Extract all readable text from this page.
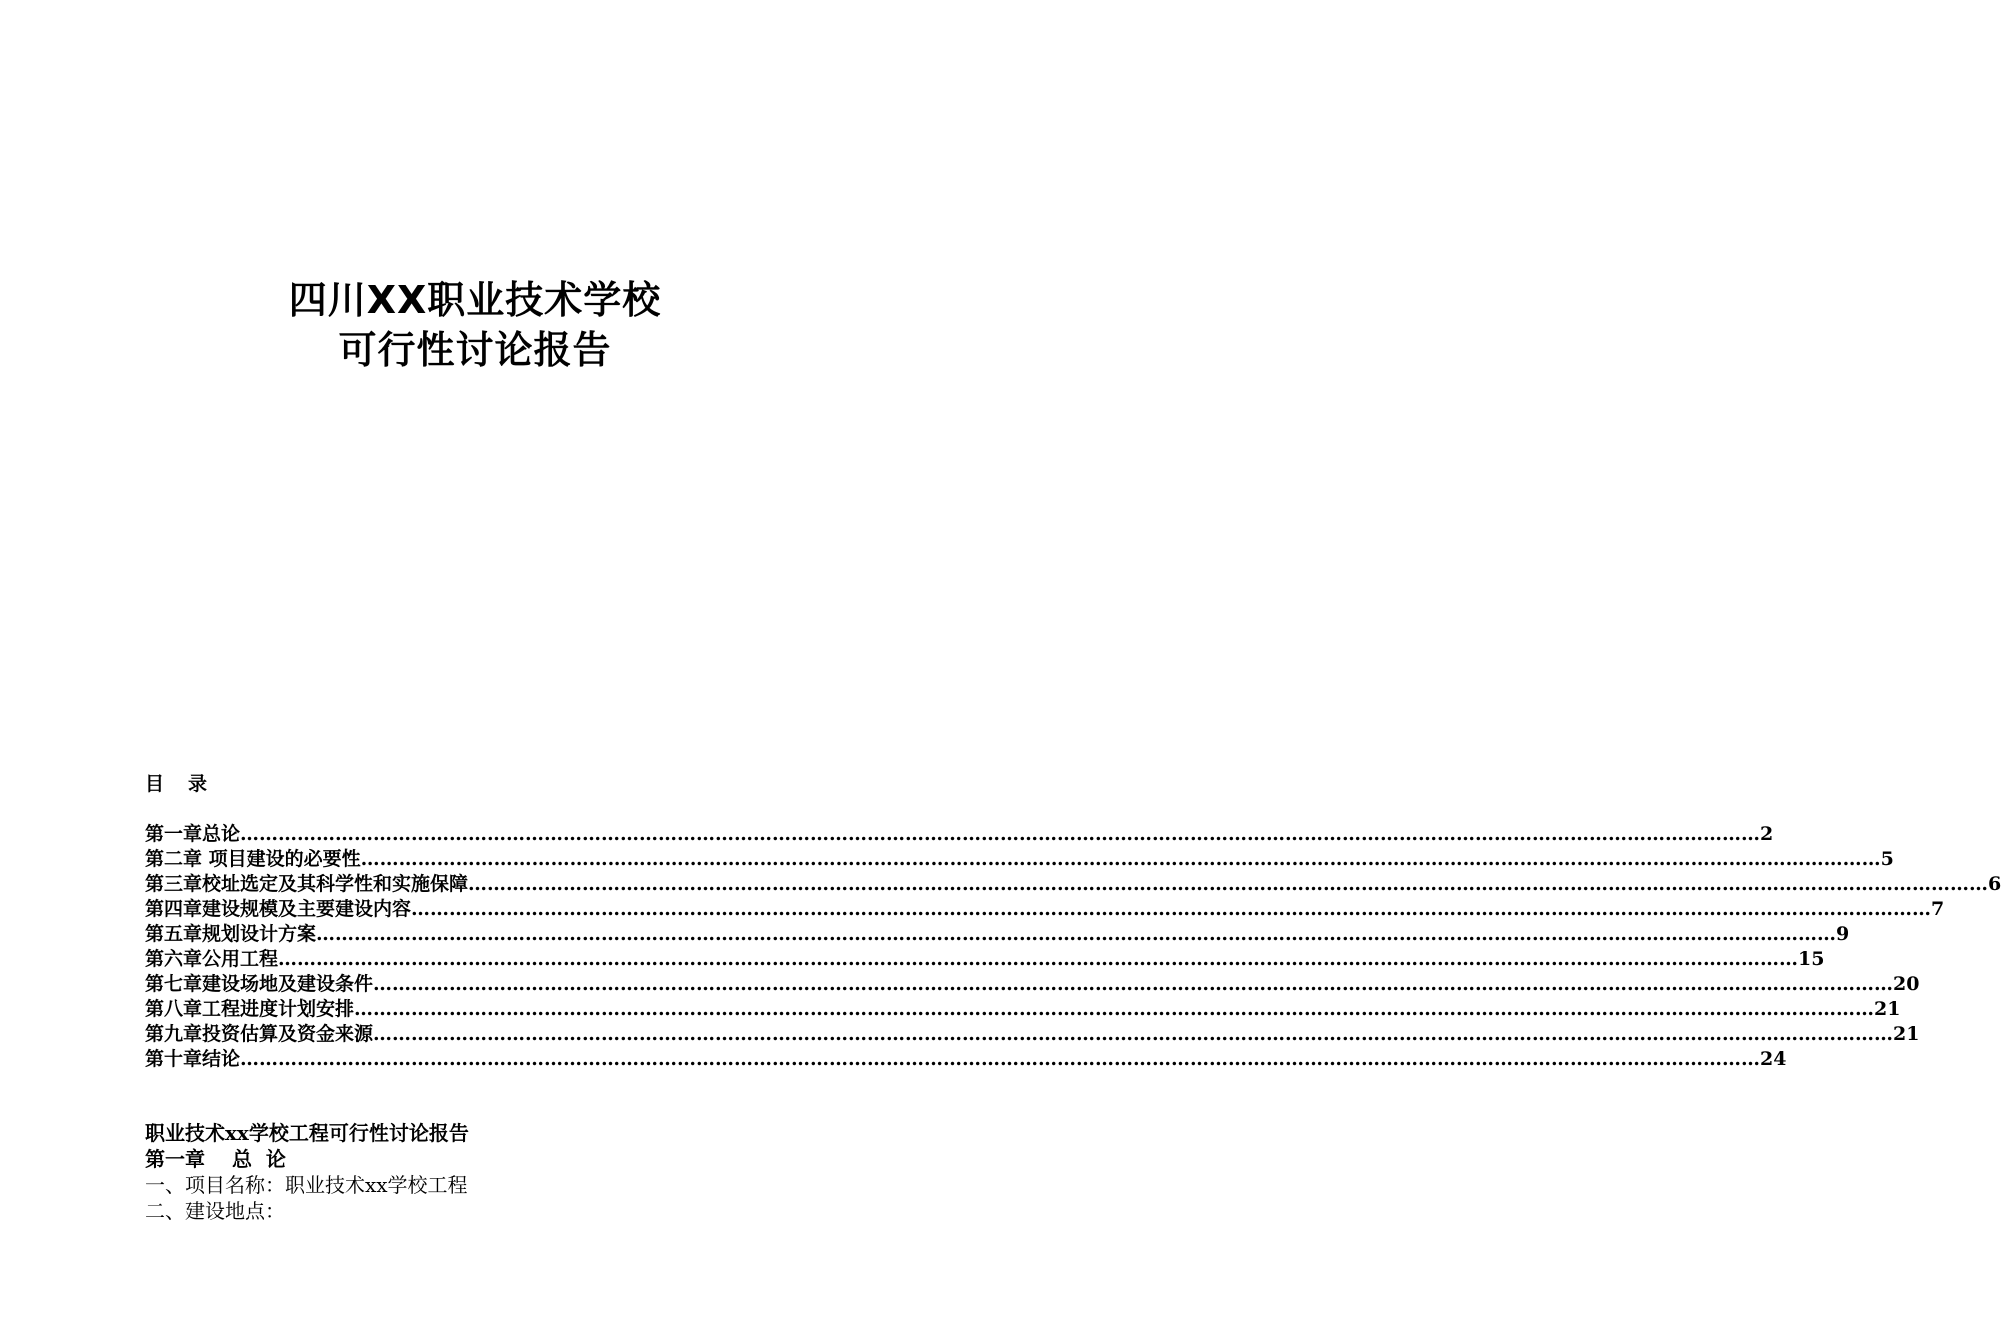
四川XX职业技术学校
可行性讨论报告
目 录
第一章总论 …………………………………………………………………………………………………………………………………………………………………………………………………………………… 2
第二章 项目建设的必要性 …………………………………………………………………………………………………………………………………………………………………………………………………………………… 5
第三章校址选定及其科学性和实施保障 …………………………………………………………………………………………………………………………………………………………………………………………………………………… 6
第四章建设规模及主要建设内容 …………………………………………………………………………………………………………………………………………………………………………………………………………………… 7
第五章规划设计方案 …………………………………………………………………………………………………………………………………………………………………………………………………………………… 9
第六章公用工程 …………………………………………………………………………………………………………………………………………………………………………………………………………………… 15
第七章建设场地及建设条件 …………………………………………………………………………………………………………………………………………………………………………………………………………………… 20
第八章工程进度计划安排 …………………………………………………………………………………………………………………………………………………………………………………………………………………… 21
第九章投资估算及资金来源 …………………………………………………………………………………………………………………………………………………………………………………………………………………… 21
第十章结论 …………………………………………………………………………………………………………………………………………………………………………………………………………………… 24
职业技术xx学校工程可行性讨论报告
第一章　 总  论
一、项目名称：职业技术xx学校工程
二、建设地点：
